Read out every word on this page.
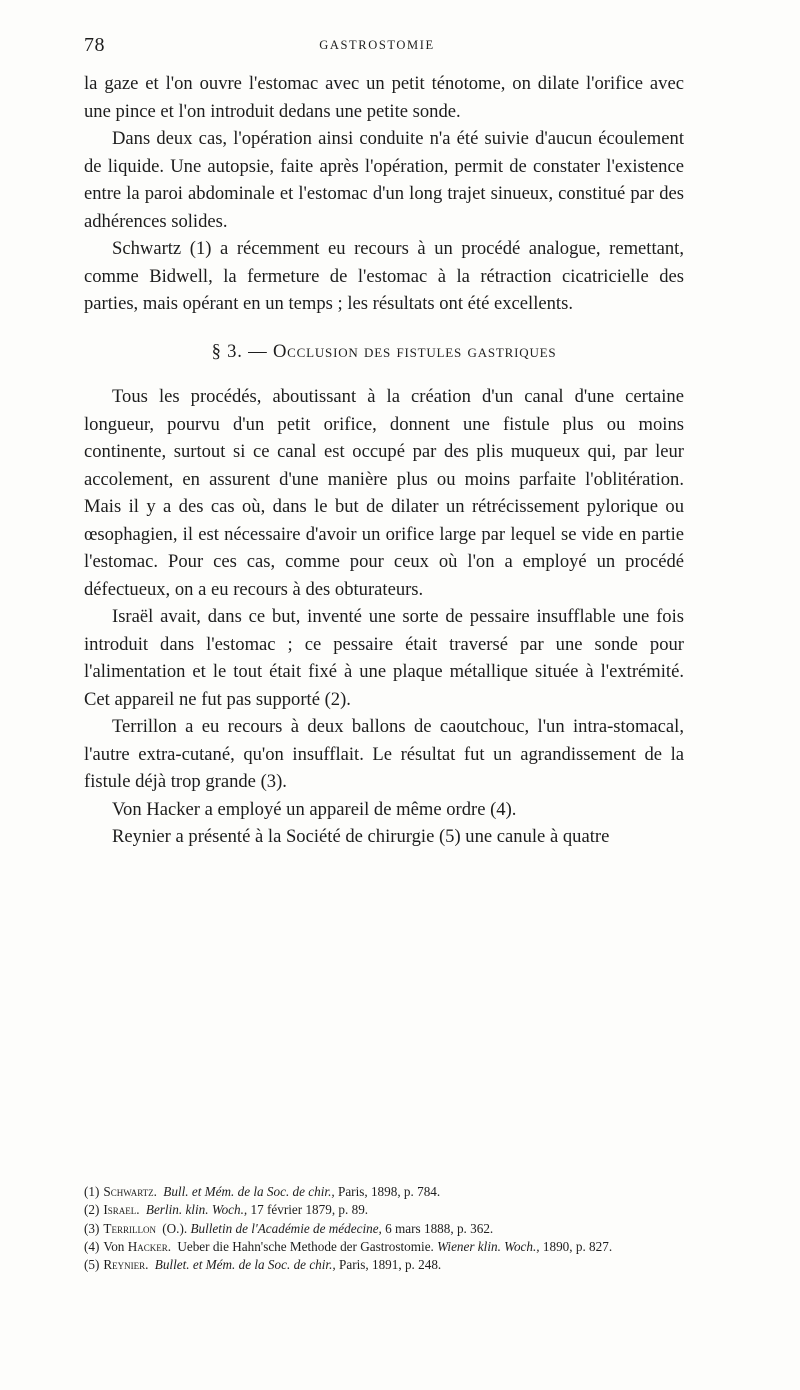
78	GASTROSTOMIE

la gaze et l'on ouvre l'estomac avec un petit ténotome, on dilate l'orifice avec une pince et l'on introduit dedans une petite sonde.

Dans deux cas, l'opération ainsi conduite n'a été suivie d'aucun écoulement de liquide. Une autopsie, faite après l'opération, permit de constater l'existence entre la paroi abdominale et l'estomac d'un long trajet sinueux, constitué par des adhérences solides.

Schwartz (1) a récemment eu recours à un procédé analogue, remettant, comme Bidwell, la fermeture de l'estomac à la rétraction cicatricielle des parties, mais opérant en un temps ; les résultats ont été excellents.

§ 3. — Occlusion des fistules gastriques

Tous les procédés, aboutissant à la création d'un canal d'une certaine longueur, pourvu d'un petit orifice, donnent une fistule plus ou moins continente, surtout si ce canal est occupé par des plis muqueux qui, par leur accolement, en assurent d'une manière plus ou moins parfaite l'oblitération. Mais il y a des cas où, dans le but de dilater un rétrécissement pylorique ou œsophagien, il est nécessaire d'avoir un orifice large par lequel se vide en partie l'estomac. Pour ces cas, comme pour ceux où l'on a employé un procédé défectueux, on a eu recours à des obturateurs.

Israël avait, dans ce but, inventé une sorte de pessaire insufflable une fois introduit dans l'estomac ; ce pessaire était traversé par une sonde pour l'alimentation et le tout était fixé à une plaque métallique située à l'extrémité. Cet appareil ne fut pas supporté (2).

Terrillon a eu recours à deux ballons de caoutchouc, l'un intra-stomacal, l'autre extra-cutané, qu'on insufflait. Le résultat fut un agrandissement de la fistule déjà trop grande (3).

Von Hacker a employé un appareil de même ordre (4).

Reynier a présenté à la Société de chirurgie (5) une canule à quatre

(1) Schwartz. Bull. et Mém. de la Soc. de chir., Paris, 1898, p. 784.

(2) Israel. Berlin. klin. Woch., 17 février 1879, p. 89.

(3) Terrillon (O.). Bulletin de l'Académie de médecine, 6 mars 1888, p. 362.

(4) Von Hacker. Ueber die Hahn'sche Methode der Gastrostomie. Wiener klin. Woch., 1890, p. 827.

(5) Reynier. Bullet. et Mém. de la Soc. de chir., Paris, 1891, p. 248.
